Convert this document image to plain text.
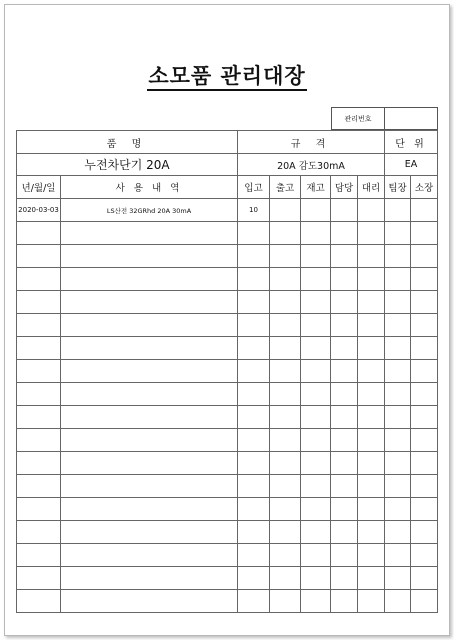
소모품 관리대장
관리번호	
품 명		규 격					단 위	
누전차단기 20A		20A 감도30mA					EA	
년/월/일	사 용 내 역	입고	출고	재고	담당	대리	팀장	소장
2020-03-03	LS산전 32GRhd 20A 30mA	10						
